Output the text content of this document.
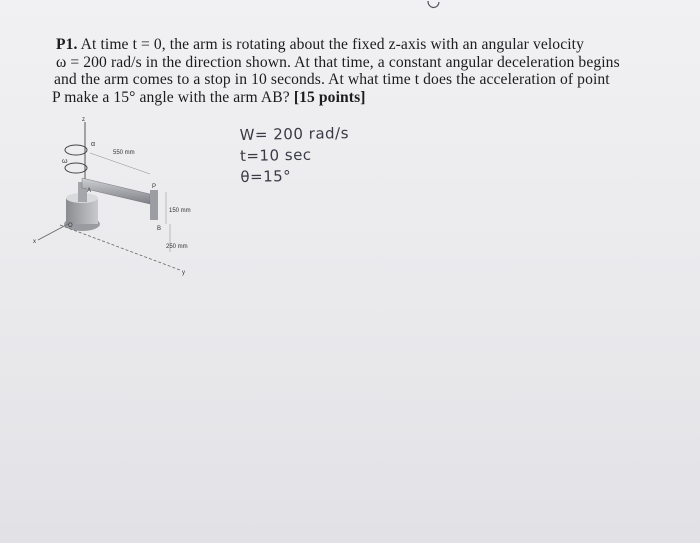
P1. At time t = 0, the arm is rotating about the fixed z-axis with an angular velocity
ω = 200 rad/s in the direction shown. At that time, a constant angular deceleration begins
and the arm comes to a stop in 10 seconds. At what time t does the acceleration of point
P make a 15° angle with the arm AB? [15 points]
z
α
ω
550 mm
A
P
B
O
150 mm
y
250 mm
x
W= 200 rad/s
t=10 sec
θ=15°
